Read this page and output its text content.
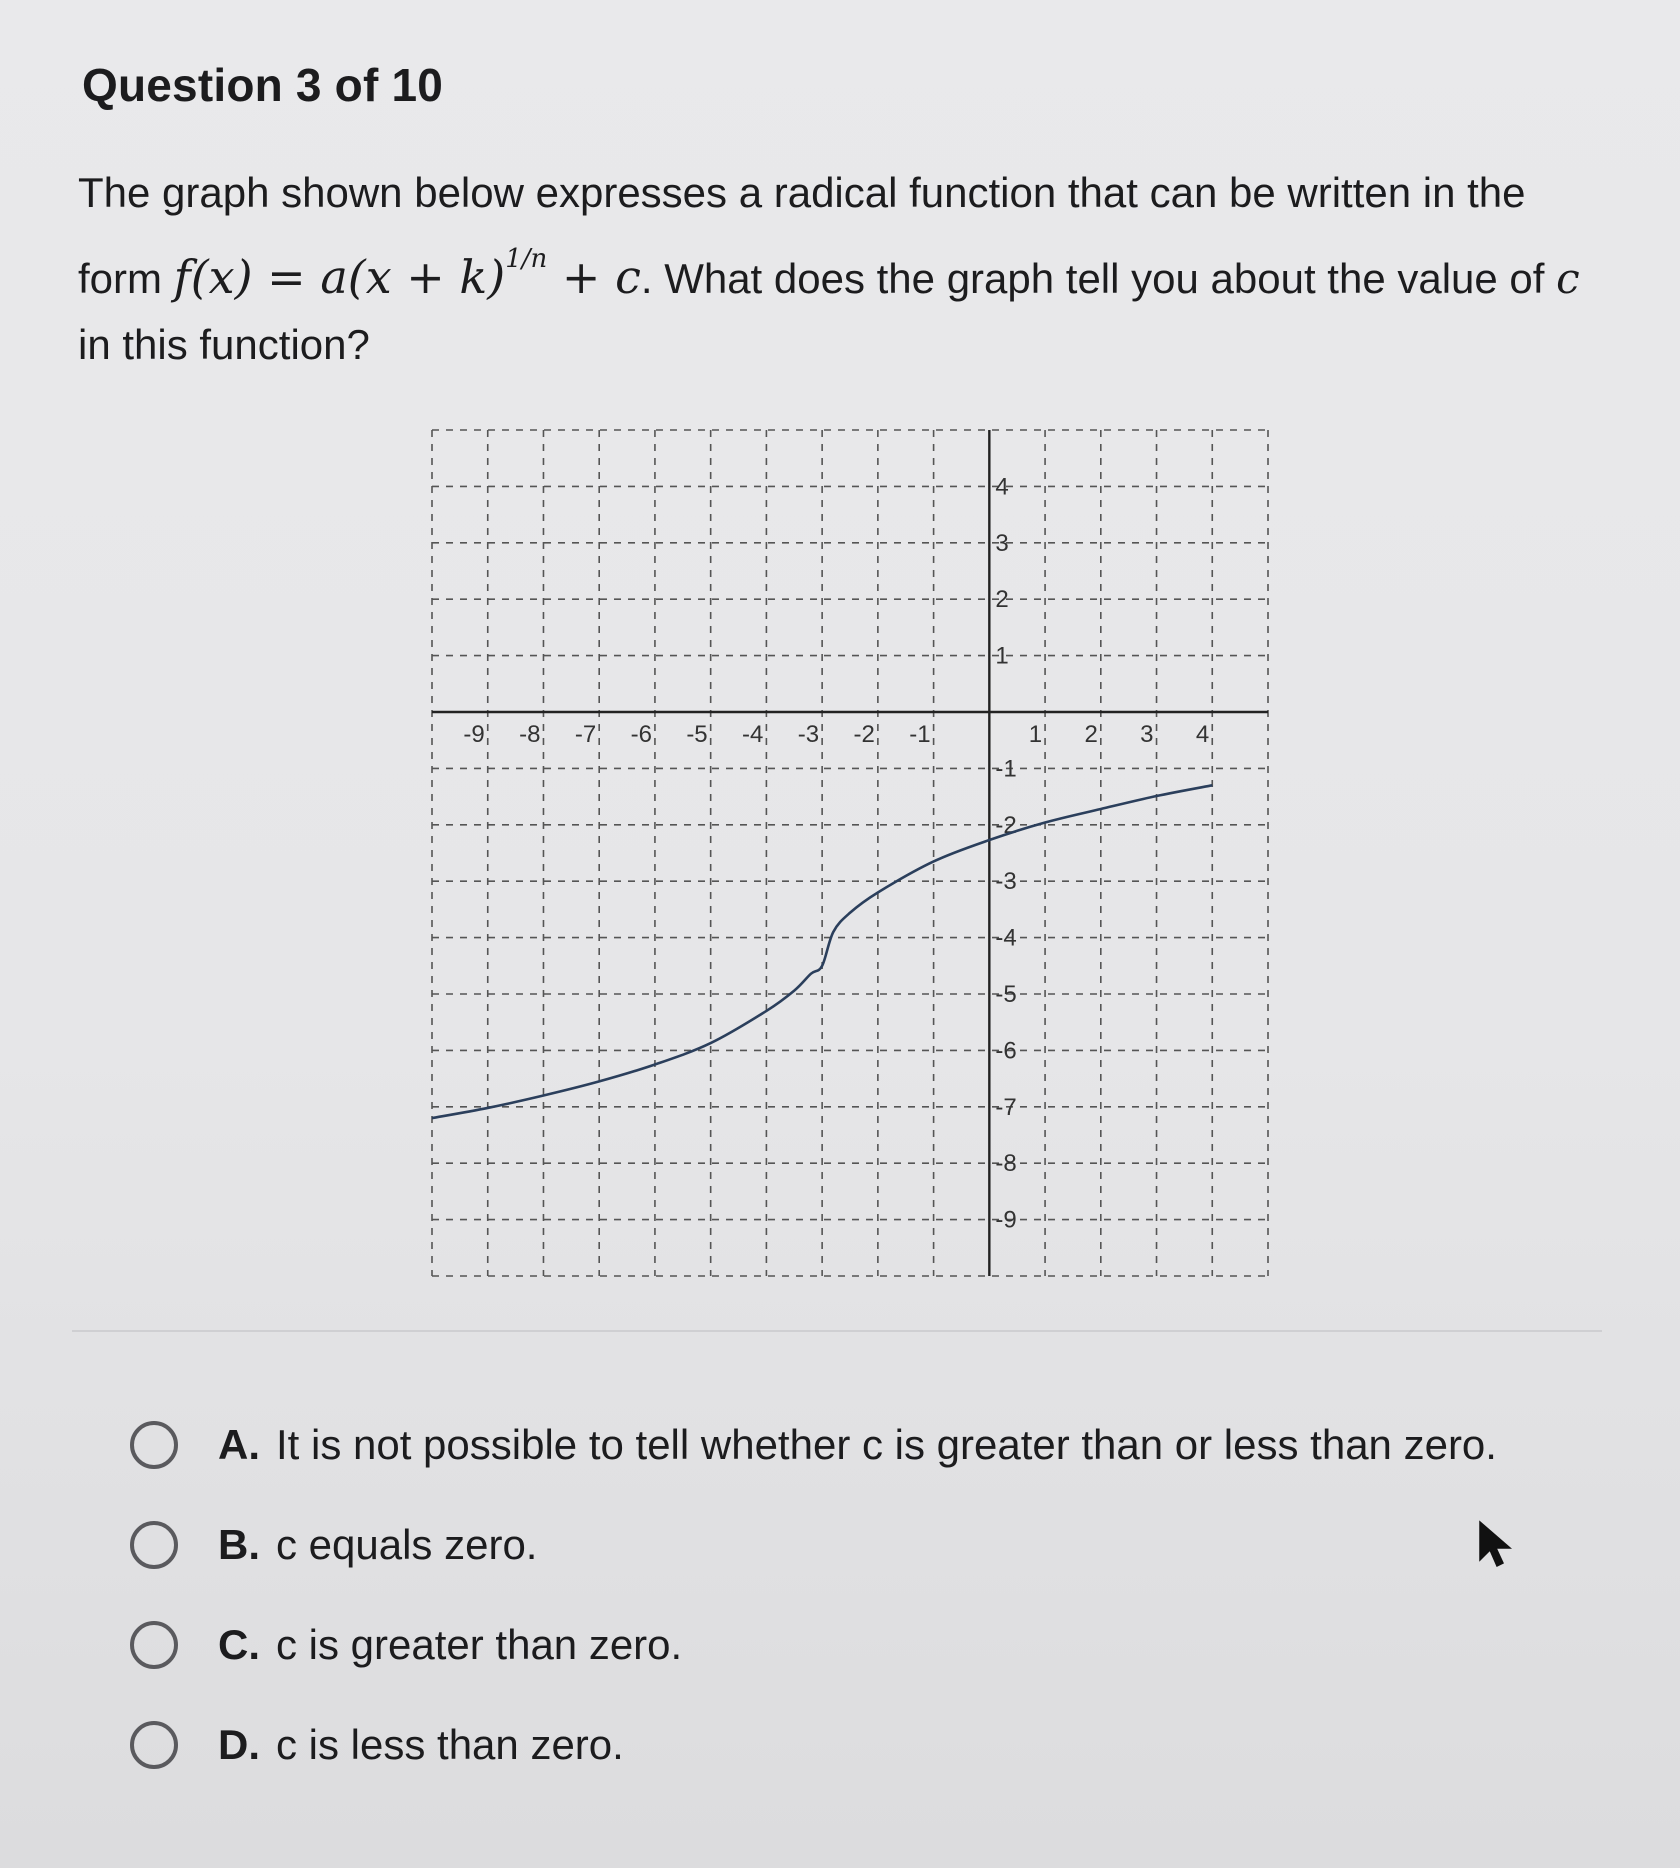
Question 3 of 10
The graph shown below expresses a radical function that can be written in the form $f(x) = a(x + k)^{1/n} + c$. What does the graph tell you about the value of c in this function?
-9 -8 -7 -6 -5 -4 -3 -2 -1	1 2 3 4
4
3
2
1
-1
-2
-3
-4
-5
-6
-7
-8
-9
A. It is not possible to tell whether c is greater than or less than zero.
B. c equals zero.
C. c is greater than zero.
D. c is less than zero.
